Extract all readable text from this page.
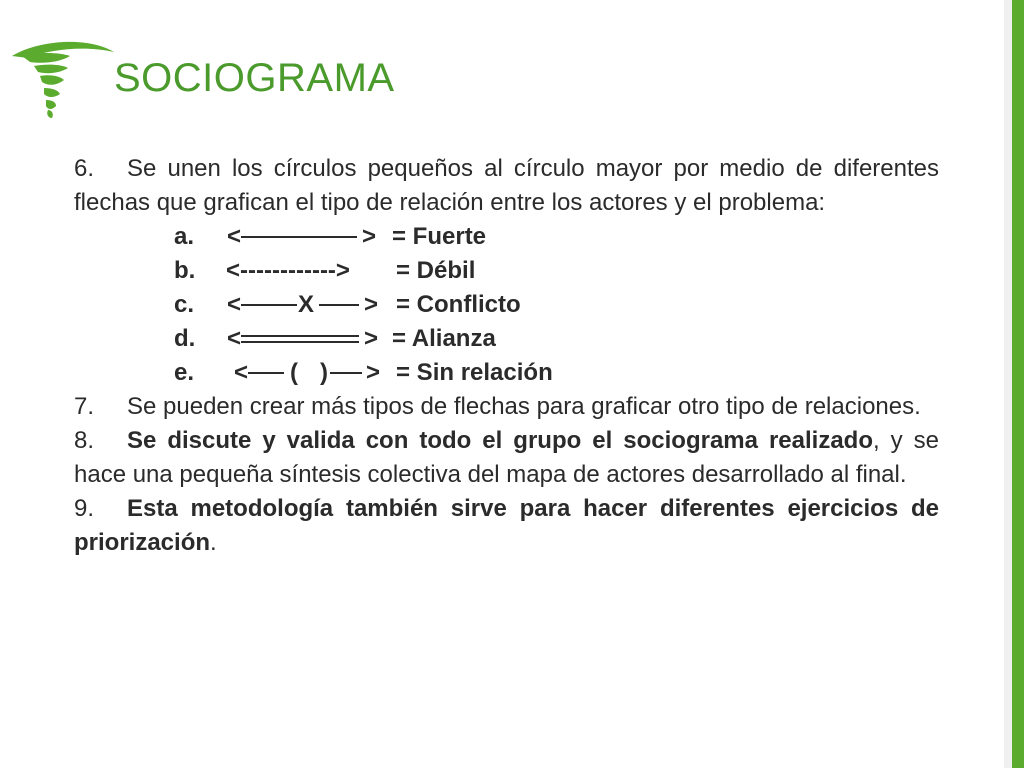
SOCIOGRAMA

6. Se unen los círculos pequeños al círculo mayor por medio de diferentes flechas que grafican el tipo de relación entre los actores y el problema:

a. <	> = Fuerte
b. <------------> = Débil
c. < X > = Conflicto
d. <	> = Alianza
e. < ( ) > = Sin relación

7. Se pueden crear más tipos de flechas para graficar otro tipo de relaciones.

8. Se discute y valida con todo el grupo el sociograma realizado, y se hace una pequeña síntesis colectiva del mapa de actores desarrollado al final.

9. Esta metodología también sirve para hacer diferentes ejercicios de priorización.
